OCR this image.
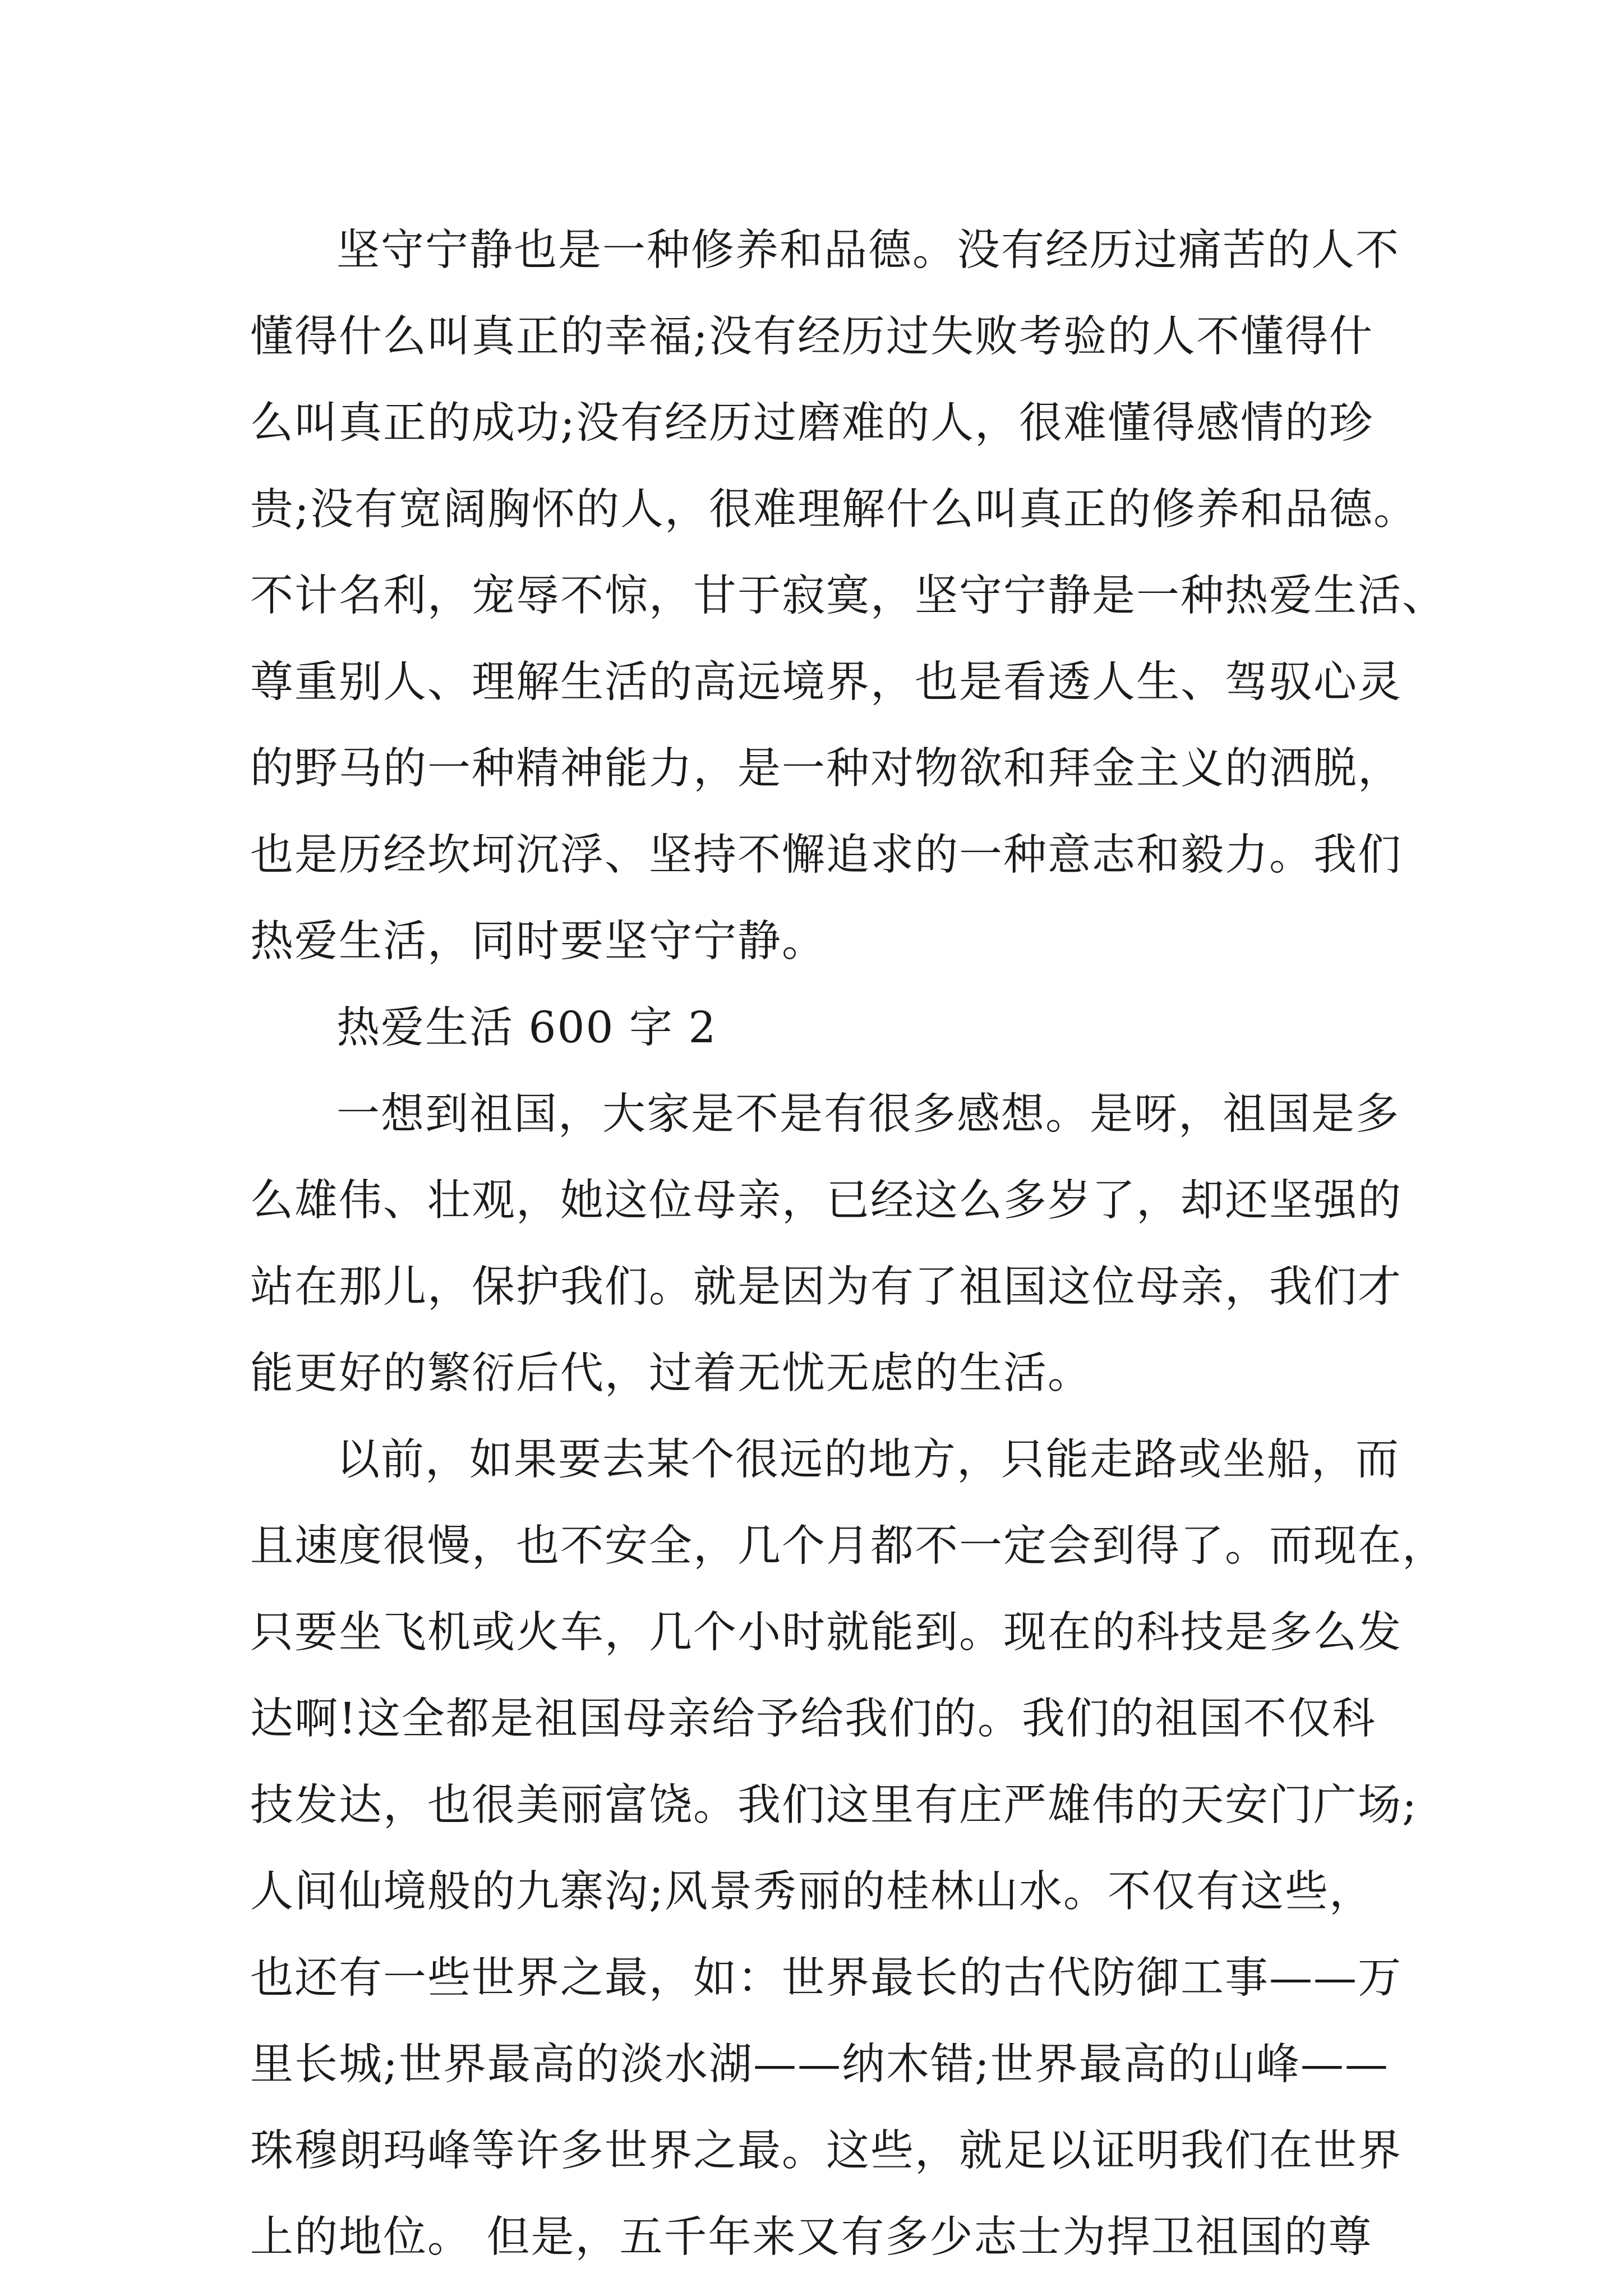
坚守宁静也是一种修养和品德。没有经历过痛苦的人不
懂得什么叫真正的幸福;没有经历过失败考验的人不懂得什
么叫真正的成功;没有经历过磨难的人，很难懂得感情的珍
贵;没有宽阔胸怀的人，很难理解什么叫真正的修养和品德。
不计名利，宠辱不惊，甘于寂寞，坚守宁静是一种热爱生活、
尊重别人、理解生活的高远境界，也是看透人生、驾驭心灵
的野马的一种精神能力，是一种对物欲和拜金主义的洒脱，
也是历经坎坷沉浮、坚持不懈追求的一种意志和毅力。我们
热爱生活，同时要坚守宁静。
热爱生活 600 字 2
一想到祖国，大家是不是有很多感想。是呀，祖国是多
么雄伟、壮观，她这位母亲，已经这么多岁了，却还坚强的
站在那儿，保护我们。就是因为有了祖国这位母亲，我们才
能更好的繁衍后代，过着无忧无虑的生活。
以前，如果要去某个很远的地方，只能走路或坐船，而
且速度很慢，也不安全，几个月都不一定会到得了。而现在，
只要坐飞机或火车，几个小时就能到。现在的科技是多么发
达啊!这全都是祖国母亲给予给我们的。我们的祖国不仅科
技发达，也很美丽富饶。我们这里有庄严雄伟的天安门广场;
人间仙境般的九寨沟;风景秀丽的桂林山水。不仅有这些，
也还有一些世界之最，如：世界最长的古代防御工事——万
里长城;世界最高的淡水湖——纳木错;世界最高的山峰——
珠穆朗玛峰等许多世界之最。这些，就足以证明我们在世界
上的地位。 但是，五千年来又有多少志士为捍卫祖国的尊
